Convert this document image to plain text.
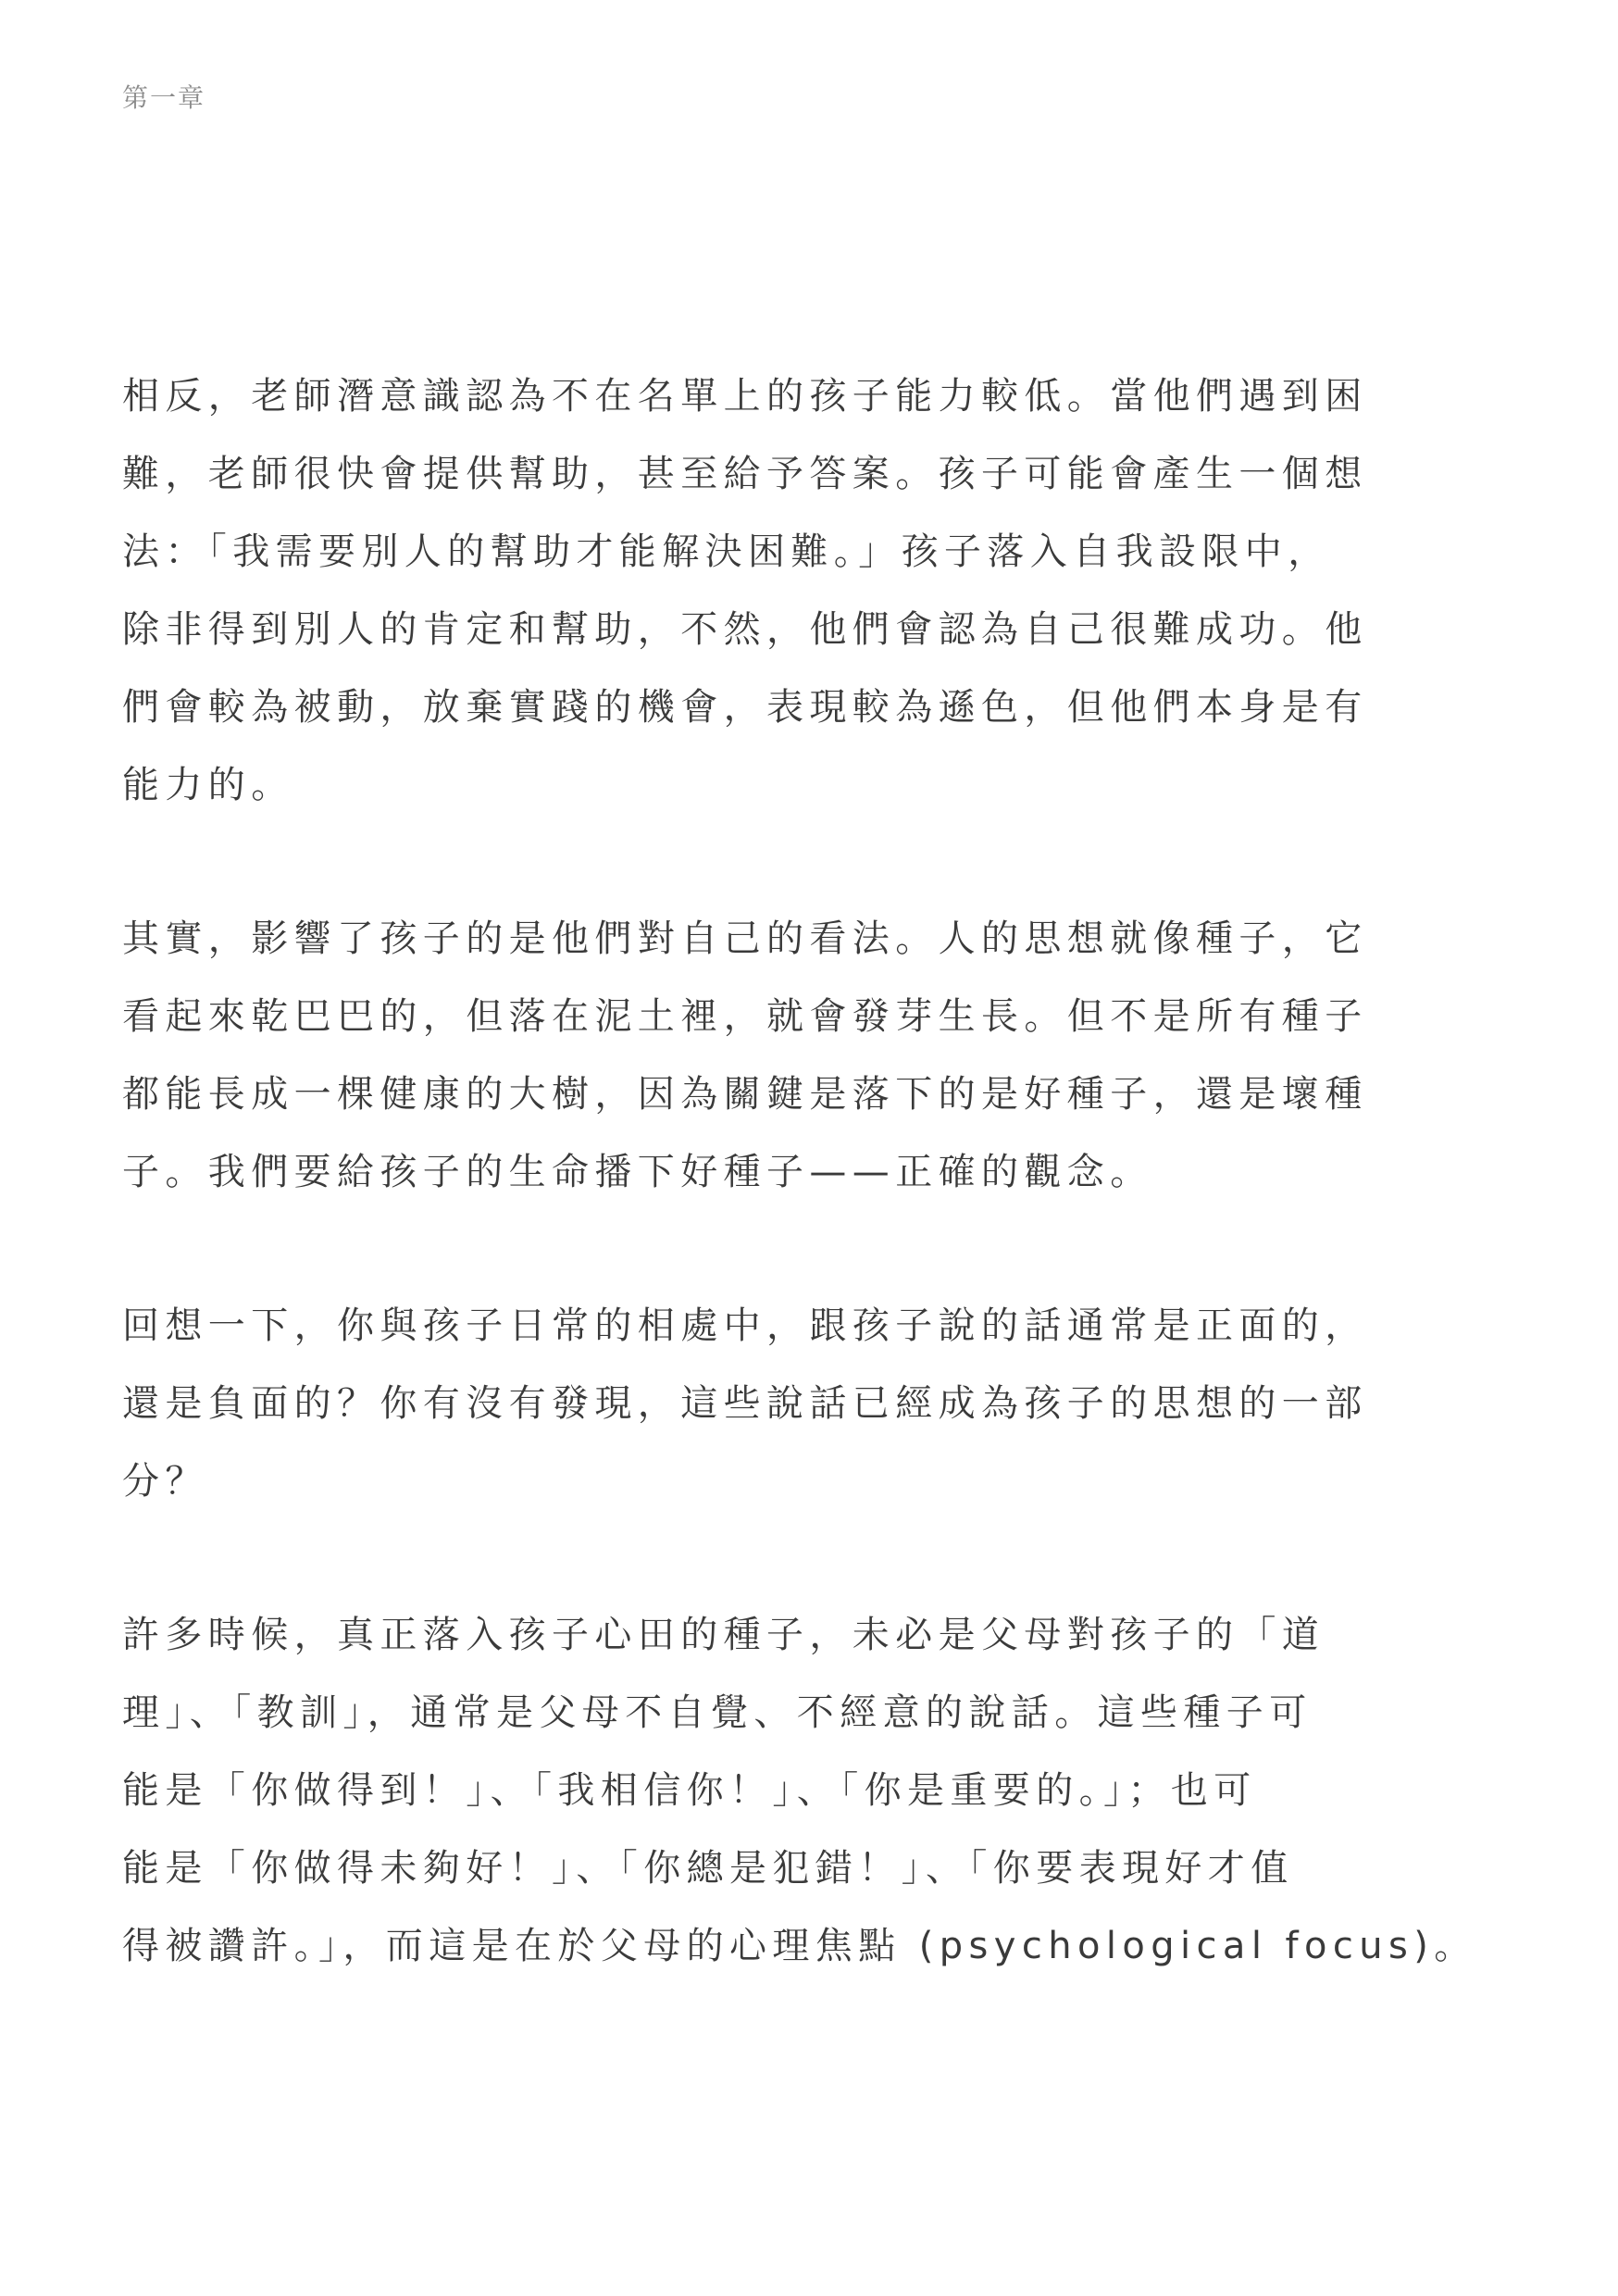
第一章
相反，老師潛意識認為不在名單上的孩子能力較低。當他們遇到困
難，老師很快會提供幫助，甚至給予答案。孩子可能會產生一個想
法：「我需要別人的幫助才能解決困難。」孩子落入自我設限中，
除非得到別人的肯定和幫助，不然，他們會認為自己很難成功。他
們會較為被動，放棄實踐的機會，表現較為遜色，但他們本身是有
能力的。
其實，影響了孩子的是他們對自己的看法。人的思想就像種子，它
看起來乾巴巴的，但落在泥土裡，就會發芽生長。但不是所有種子
都能長成一棵健康的大樹，因為關鍵是落下的是好種子，還是壞種
子。我們要給孩子的生命播下好種子——正確的觀念。
回想一下，你與孩子日常的相處中，跟孩子說的話通常是正面的，
還是負面的？你有沒有發現，這些說話已經成為孩子的思想的一部
分？
許多時候，真正落入孩子心田的種子，未必是父母對孩子的「道
理」、「教訓」，通常是父母不自覺、不經意的說話。這些種子可
能是「你做得到！」、「我相信你！」、「你是重要的。」；也可
能是「你做得未夠好！」、「你總是犯錯！」、「你要表現好才值
得被讚許。」，而這是在於父母的心理焦點 (psychological focus)。
